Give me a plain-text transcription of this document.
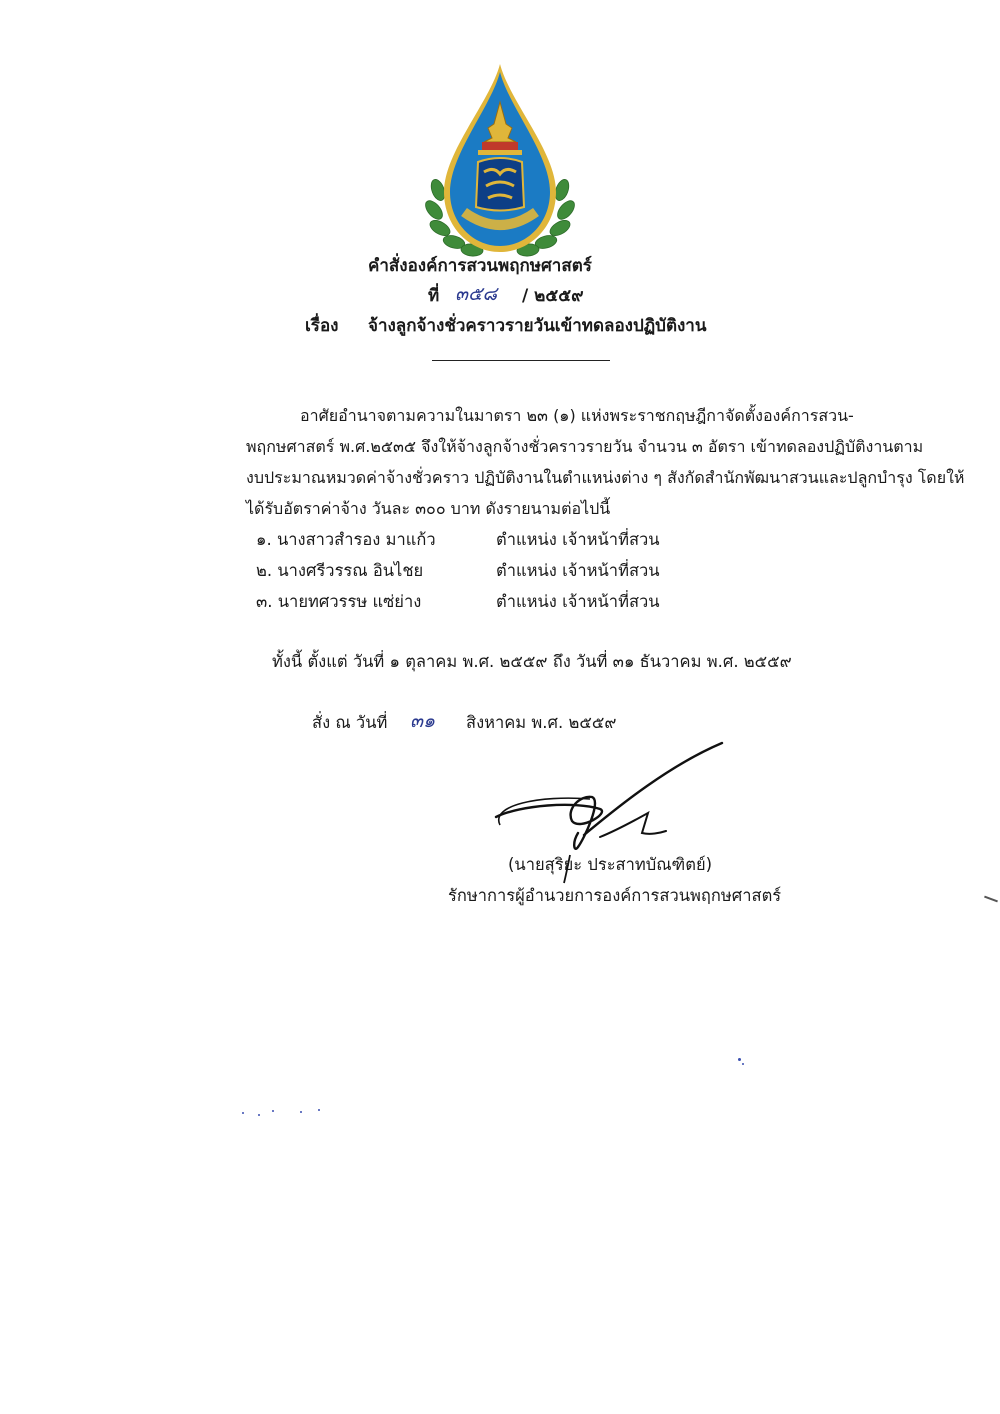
คำสั่งองค์การสวนพฤกษศาสตร์
ที่ ๓๕๘ / ๒๕๕๙
เรื่อง จ้างลูกจ้างชั่วคราวรายวันเข้าทดลองปฏิบัติงาน
อาศัยอำนาจตามความในมาตรา ๒๓ (๑) แห่งพระราชกฤษฎีกาจัดตั้งองค์การสวน-
พฤกษศาสตร์ พ.ศ.๒๕๓๕ จึงให้จ้างลูกจ้างชั่วคราวรายวัน จำนวน ๓ อัตรา เข้าทดลองปฏิบัติงานตาม
งบประมาณหมวดค่าจ้างชั่วคราว ปฏิบัติงานในตำแหน่งต่าง ๆ สังกัดสำนักพัฒนาสวนและปลูกบำรุง โดยให้
ได้รับอัตราค่าจ้าง วันละ ๓๐๐ บาท ดังรายนามต่อไปนี้
๑. นางสาวสำรอง มาแก้ว	ตำแหน่ง เจ้าหน้าที่สวน
๒. นางศรีวรรณ อินไชย	ตำแหน่ง เจ้าหน้าที่สวน
๓. นายทศวรรษ แซ่ย่าง	ตำแหน่ง เจ้าหน้าที่สวน
ทั้งนี้ ตั้งแต่ วันที่ ๑ ตุลาคม พ.ศ. ๒๕๕๙ ถึง วันที่ ๓๑ ธันวาคม พ.ศ. ๒๕๕๙
สั่ง ณ วันที่ ๓๑ สิงหาคม พ.ศ. ๒๕๕๙
(นายสุริยะ ประสาทบัณฑิตย์)
รักษาการผู้อำนวยการองค์การสวนพฤกษศาสตร์
